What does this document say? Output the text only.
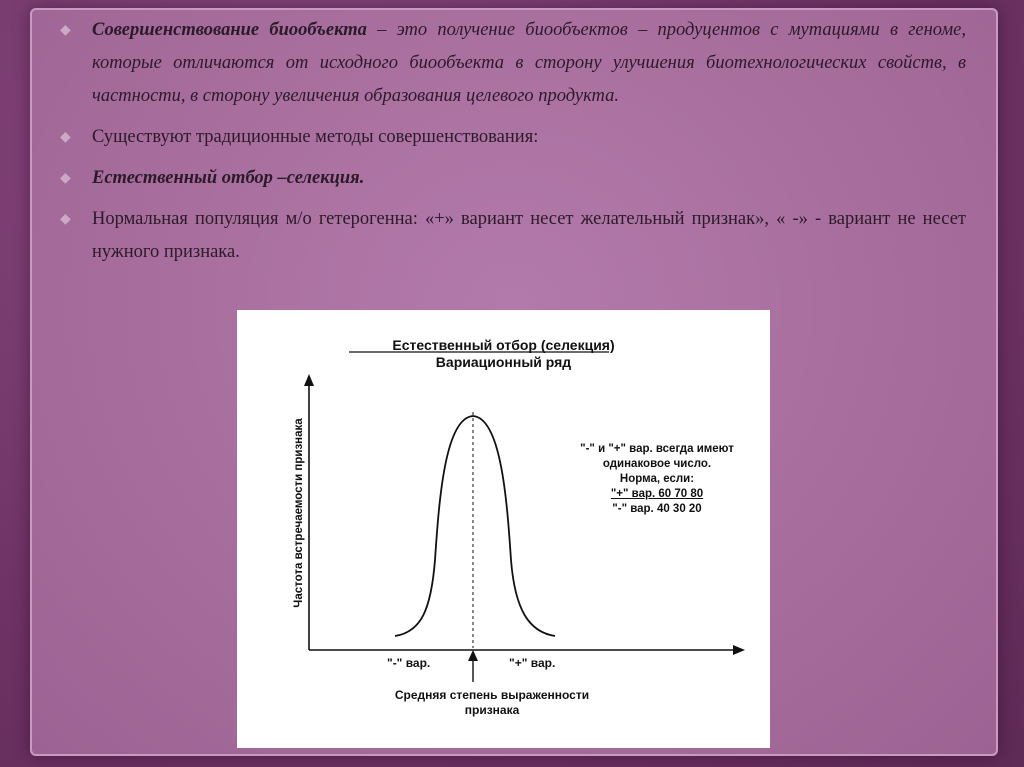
◆ Совершенствование биообъекта – это получение биообъектов – продуцентов с мутациями в геноме, которые отличаются от исходного биообъекта в сторону улучшения биотехнологических свойств, в частности, в сторону увеличения образования целевого продукта.

◆ Существуют традиционные методы совершенствования:

◆ Естественный отбор –селекция.

◆ Нормальная популяция м/о гетерогенна: «+» вариант несет желательный признак», « -» - вариант не несет нужного признака.

Естественный отбор (селекция)
Вариационный ряд
Частота встречаемости признака
"-" вар.	"+" вар.
Средняя степень выраженности признака
"-" и "+" вар. всегда имеют
одинаковое число.
Норма, если:
"+" вар. 60 70 80
"-" вар. 40 30 20
